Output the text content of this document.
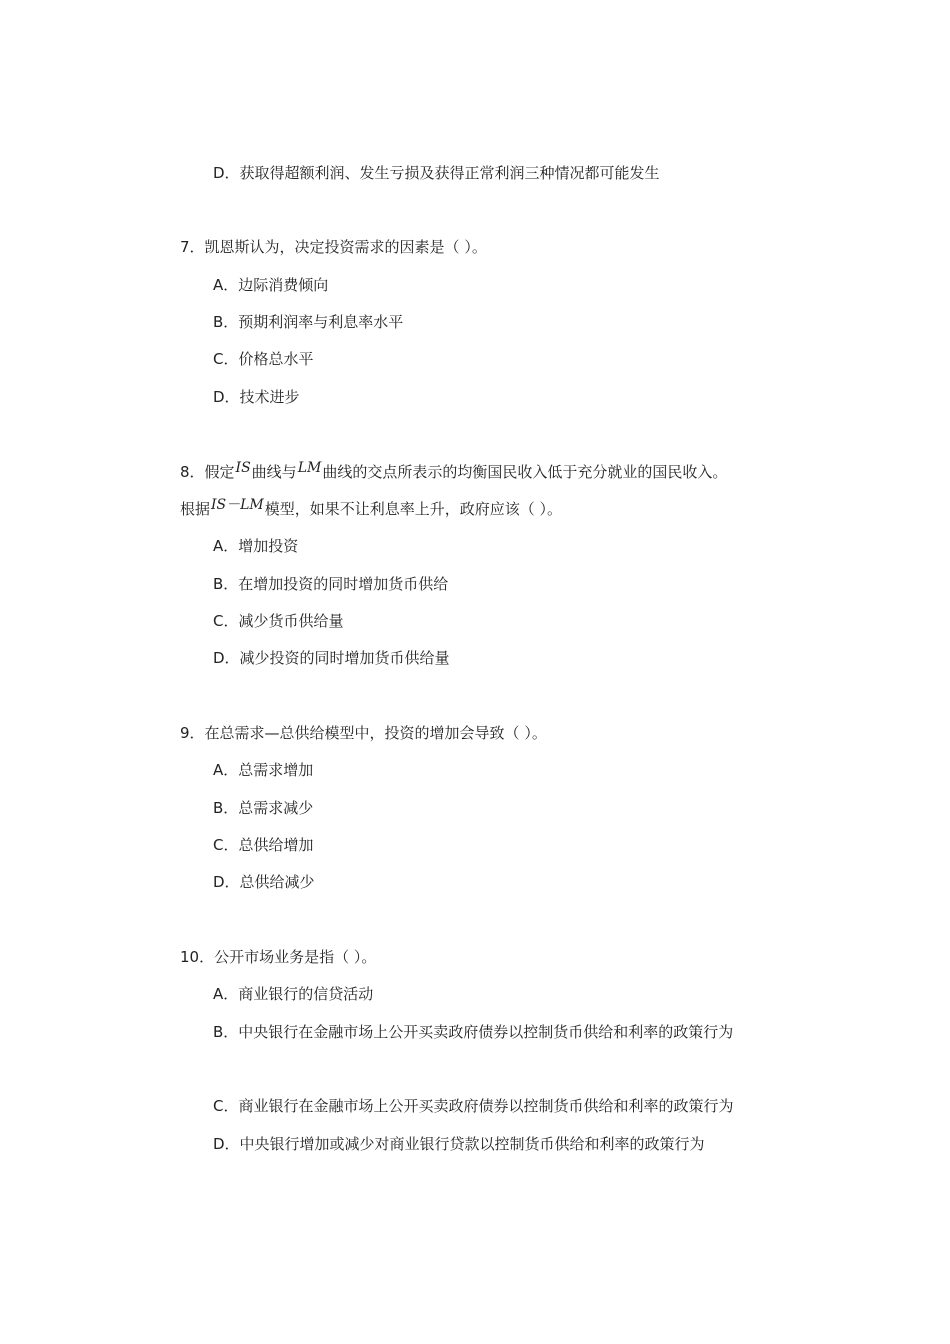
D．获取得超额利润、发生亏损及获得正常利润三种情况都可能发生
7．凯恩斯认为，决定投资需求的因素是（ ）。
A．边际消费倾向
B．预期利润率与利息率水平
C．价格总水平
D．技术进步
8．假定IS曲线与LM曲线的交点所表示的均衡国民收入低于充分就业的国民收入。
根据IS－LM模型，如果不让利息率上升，政府应该（ ）。
A．增加投资
B．在增加投资的同时增加货币供给
C．减少货币供给量
D．减少投资的同时增加货币供给量
9．在总需求—总供给模型中，投资的增加会导致（ ）。
A．总需求增加
B．总需求减少
C．总供给增加
D．总供给减少
10．公开市场业务是指（ ）。
A．商业银行的信贷活动
B．中央银行在金融市场上公开买卖政府债券以控制货币供给和利率的政策行为
C．商业银行在金融市场上公开买卖政府债券以控制货币供给和利率的政策行为
D．中央银行增加或减少对商业银行贷款以控制货币供给和利率的政策行为
